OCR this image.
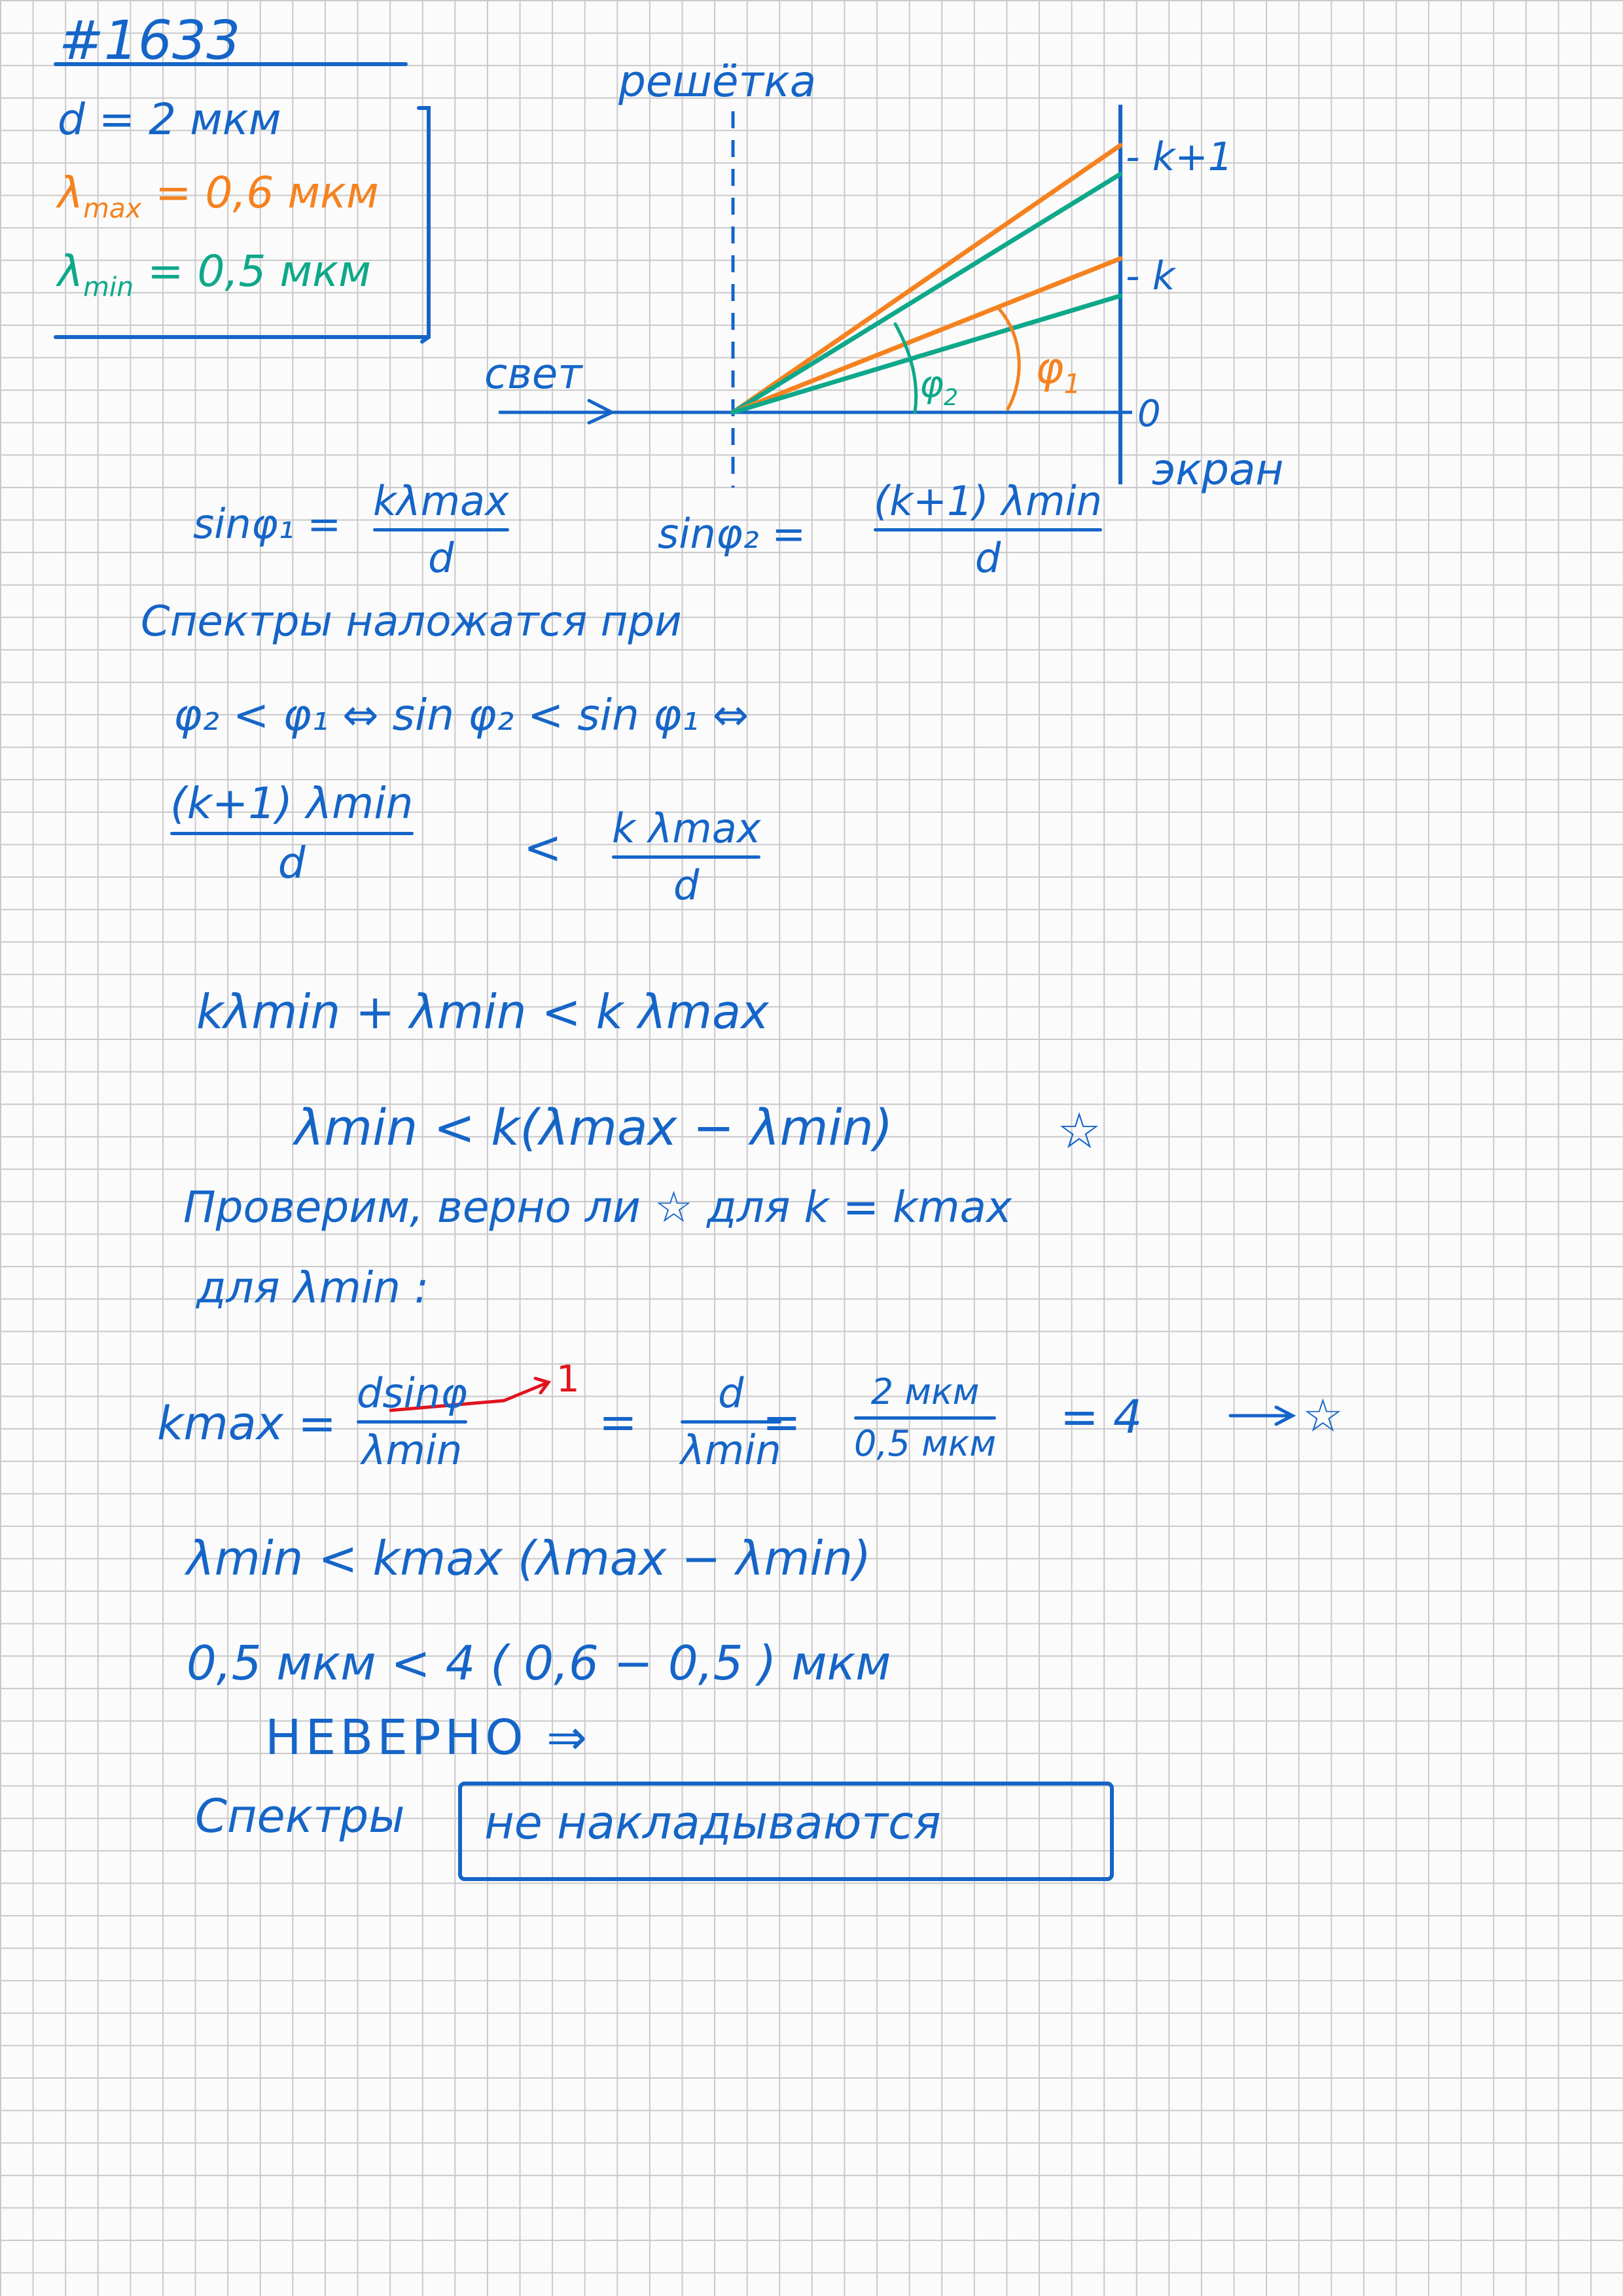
#1633
d = 2 мкм
$\lambda_{max} = 0,6$ мкм
$\lambda_{min} = 0,5$ мкм
решётка
- k+1
- k
0
экран
свет	$\varphi_2$
$\varphi_1$
sinφ₁ = kλmax
d
sinφ₂ =
(k+1) λmin
d
Спектры наложатся при
φ₂ < φ₁ ⇔ sin φ₂ < sin φ₁ ⇔
(k+1) λmin
d	< k λmax
d
kλmin + λmin < k λmax
λmin < k(λmax − λmin)	☆
Проверим, верно ли ☆ для k = kmax
для λmin :
kmax =
dsinφ
λmin
1
=
d
λmin
=
2 мкм
0,5 мкм = 4	☆
λmin < kmax (λmax − λmin)
0,5 мкм < 4 ( 0,6 − 0,5 ) мкм
НЕВЕРНО ⇒
Спектры не накладываются
